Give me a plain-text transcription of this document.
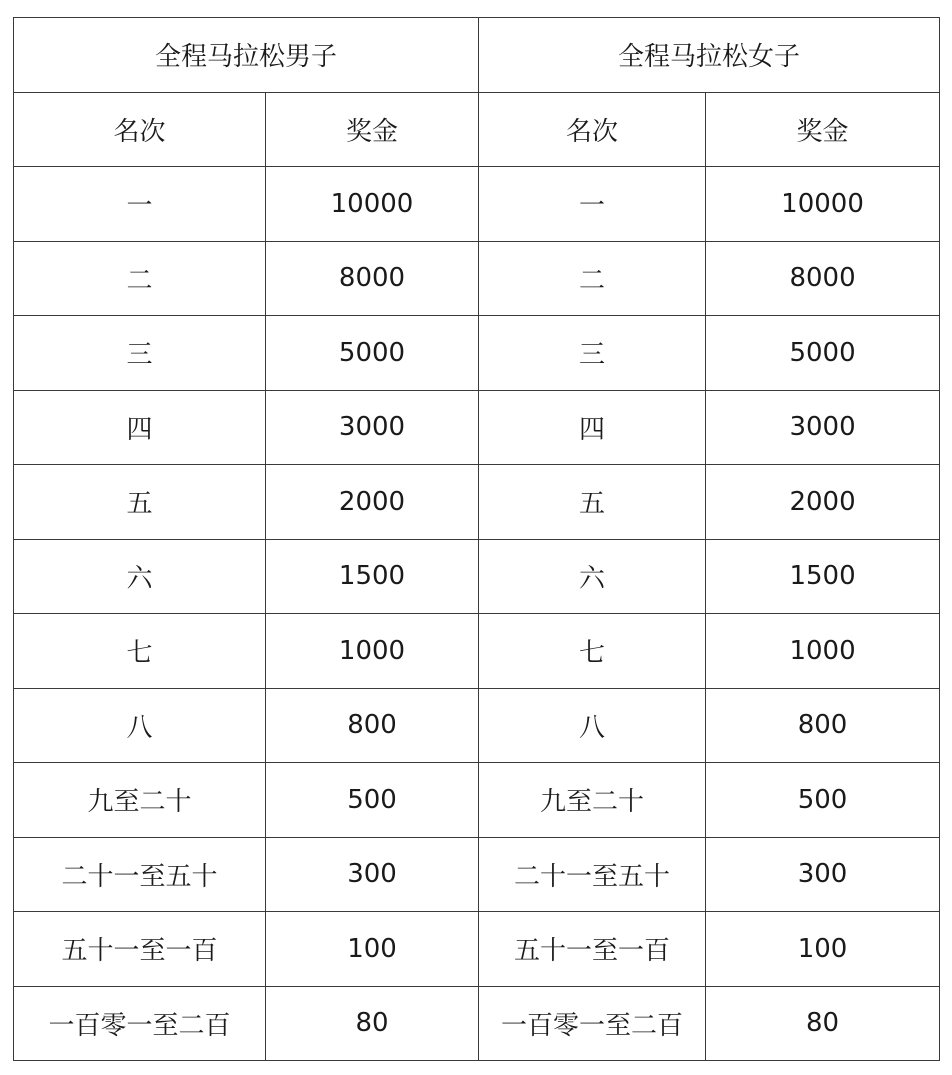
全程马拉松男子		全程马拉松女子	
名次	奖金	名次	奖金
一	10000	一	10000
二	8000	二	8000
三	5000	三	5000
四	3000	四	3000
五	2000	五	2000
六	1500	六	1500
七	1000	七	1000
八	800	八	800
九至二十	500	九至二十	500
二十一至五十	300	二十一至五十	300
五十一至一百	100	五十一至一百	100
一百零一至二百	80	一百零一至二百	80
